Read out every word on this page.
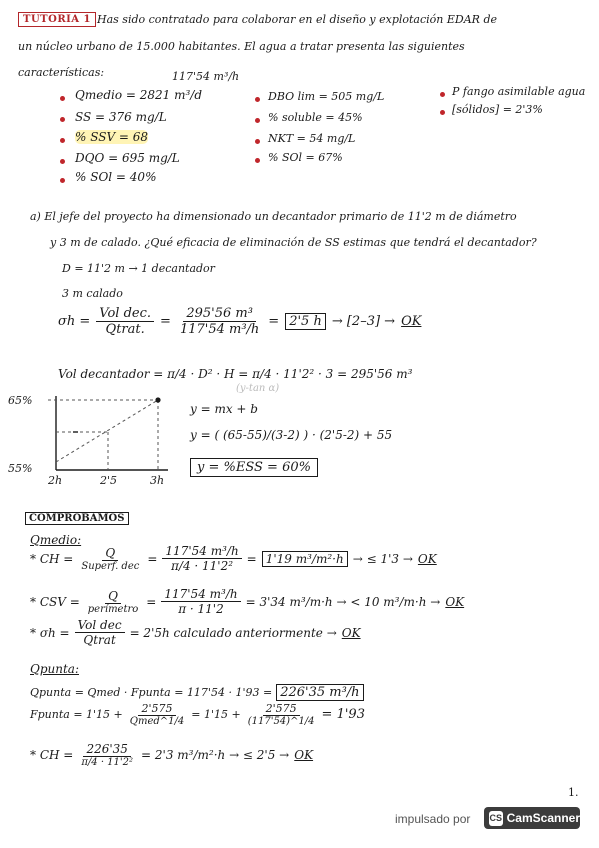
TUTORIA 1 Has sido contratado para colaborar en el diseño y explotación EDAR de
un núcleo urbano de 15.000 habitantes. El agua a tratar presenta las siguientes
características:	117'54 m³/h
Qmedio = 2821 m³/d
SS = 376 mg/L
% SSV = 68
DQO = 695 mg/L
% SOl = 40%
DBO lim = 505 mg/L
% soluble = 45%
NKT = 54 mg/L
% SOl = 67%
P fango asimilable agua
[sólidos] = 2'3%
a) El jefe del proyecto ha dimensionado un decantador primario de 11'2 m de diámetro
y 3 m de calado. ¿Qué eficacia de eliminación de SS estimas que tendrá el decantador?
D = 11'2 m → 1 decantador
3 m calado
$\sigma h = \frac{\text{Vol dec.}}{\text{Qtrat.}} = \frac{\text{295'56 m³}}{\text{117'54 m³/h}} = 2'5$ h → [2–3] → OK
Vol decantador = π/4 · D² · H = π/4 · 11'2² · 3 = 295'56 m³
(y-tan α)
65%
55%
2h	2'5	3h
y = mx + b
y = ( (65-55)/(3-2) ) · (2'5-2) + 55
y = %ESS = 60%
COMPROBAMOS
Qmedio:
* CH = $\frac{Q}{\text{Superf. dec}} = \frac{\text{117'54 m³/h}}{\text{π/4 · 11'2²}} = 1'19$ m³/m²·h → ≤ 1'3 → OK
* CSV = $\frac{Q}{\text{perímetro}} = \frac{\text{117'54 m³/h}}{\pi \cdot 11'2} = 3'34$ m³/m·h → < 10 m³/m·h → OK
* $\sigma h = \frac{\text{Vol dec}}{\text{Qtrat}} = 2'5h$ calculado anteriormente → OK
Qpunta:
Qpunta = Qmed · Fpunta = 117'54 · 1'93 = 226'35 m³/h
Fpunta = $1'15 + \frac{2'575}{\text{Qmed\textasciicircum{}1/4}} = 1'15 + \frac{2'575}{(117'54)\^{}1/4} = 1'93$
* CH = $\frac{226'35}{\text{π/4 · 11'2²}} = 2'3$ m³/m²·h → ≤ 2'5 → OK
1.
impulsado por CS CamScanner
